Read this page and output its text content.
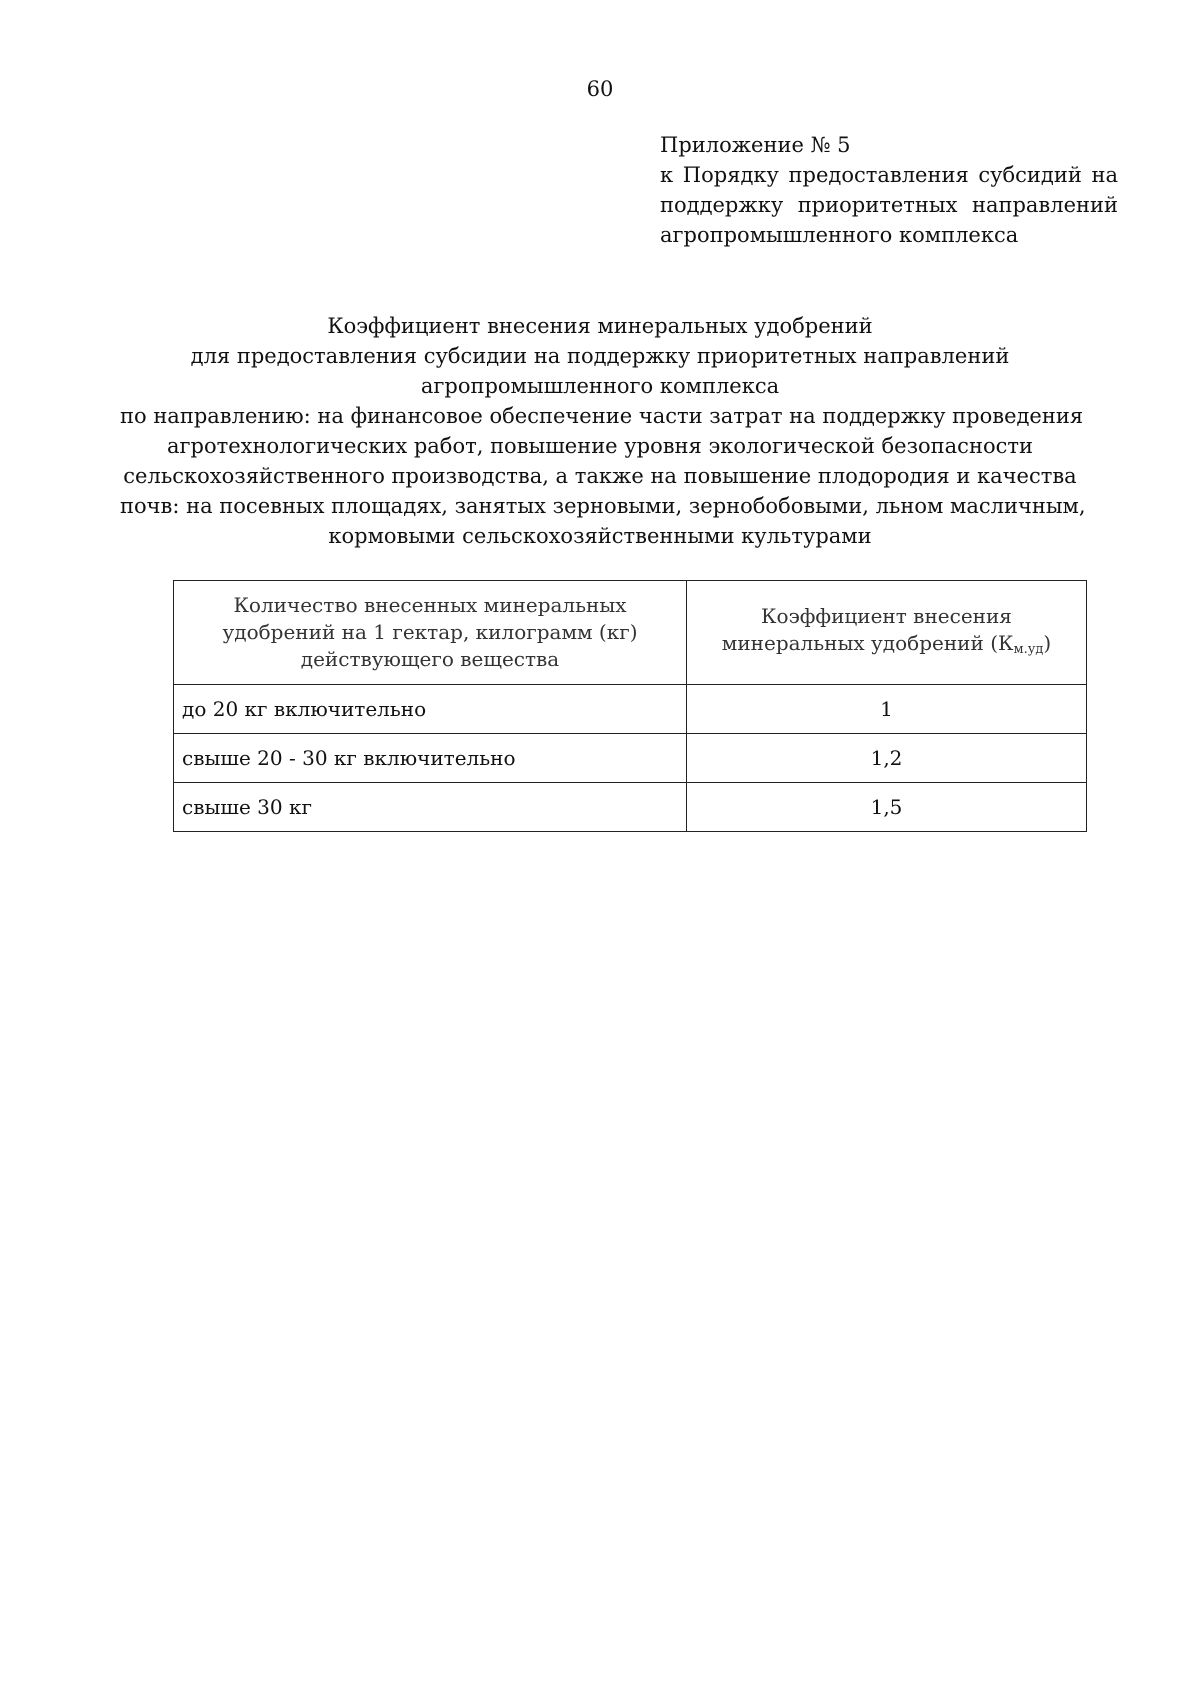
60
Приложение № 5
к Порядку предоставления субсидий на
поддержку приоритетных направлений
агропромышленного комплекса
Коэффициент внесения минеральных удобрений
для предоставления субсидии на поддержку приоритетных направлений
агропромышленного комплекса
по направлению: на финансовое обеспечение части затрат на поддержку проведения
агротехнологических работ, повышение уровня экологической безопасности
сельскохозяйственного производства, а также на повышение плодородия и качества
почв: на посевных площадях, занятых зерновыми, зернобобовыми, льном масличным,
кормовыми сельскохозяйственными культурами
Количество внесенных минеральных удобрений на 1 гектар, килограмм (кг) действующего вещества	Коэффициент внесения минеральных удобрений $(К_{м.уд})$
до 20 кг включительно	1
свыше 20 - 30 кг включительно	1,2
свыше 30 кг	1,5
